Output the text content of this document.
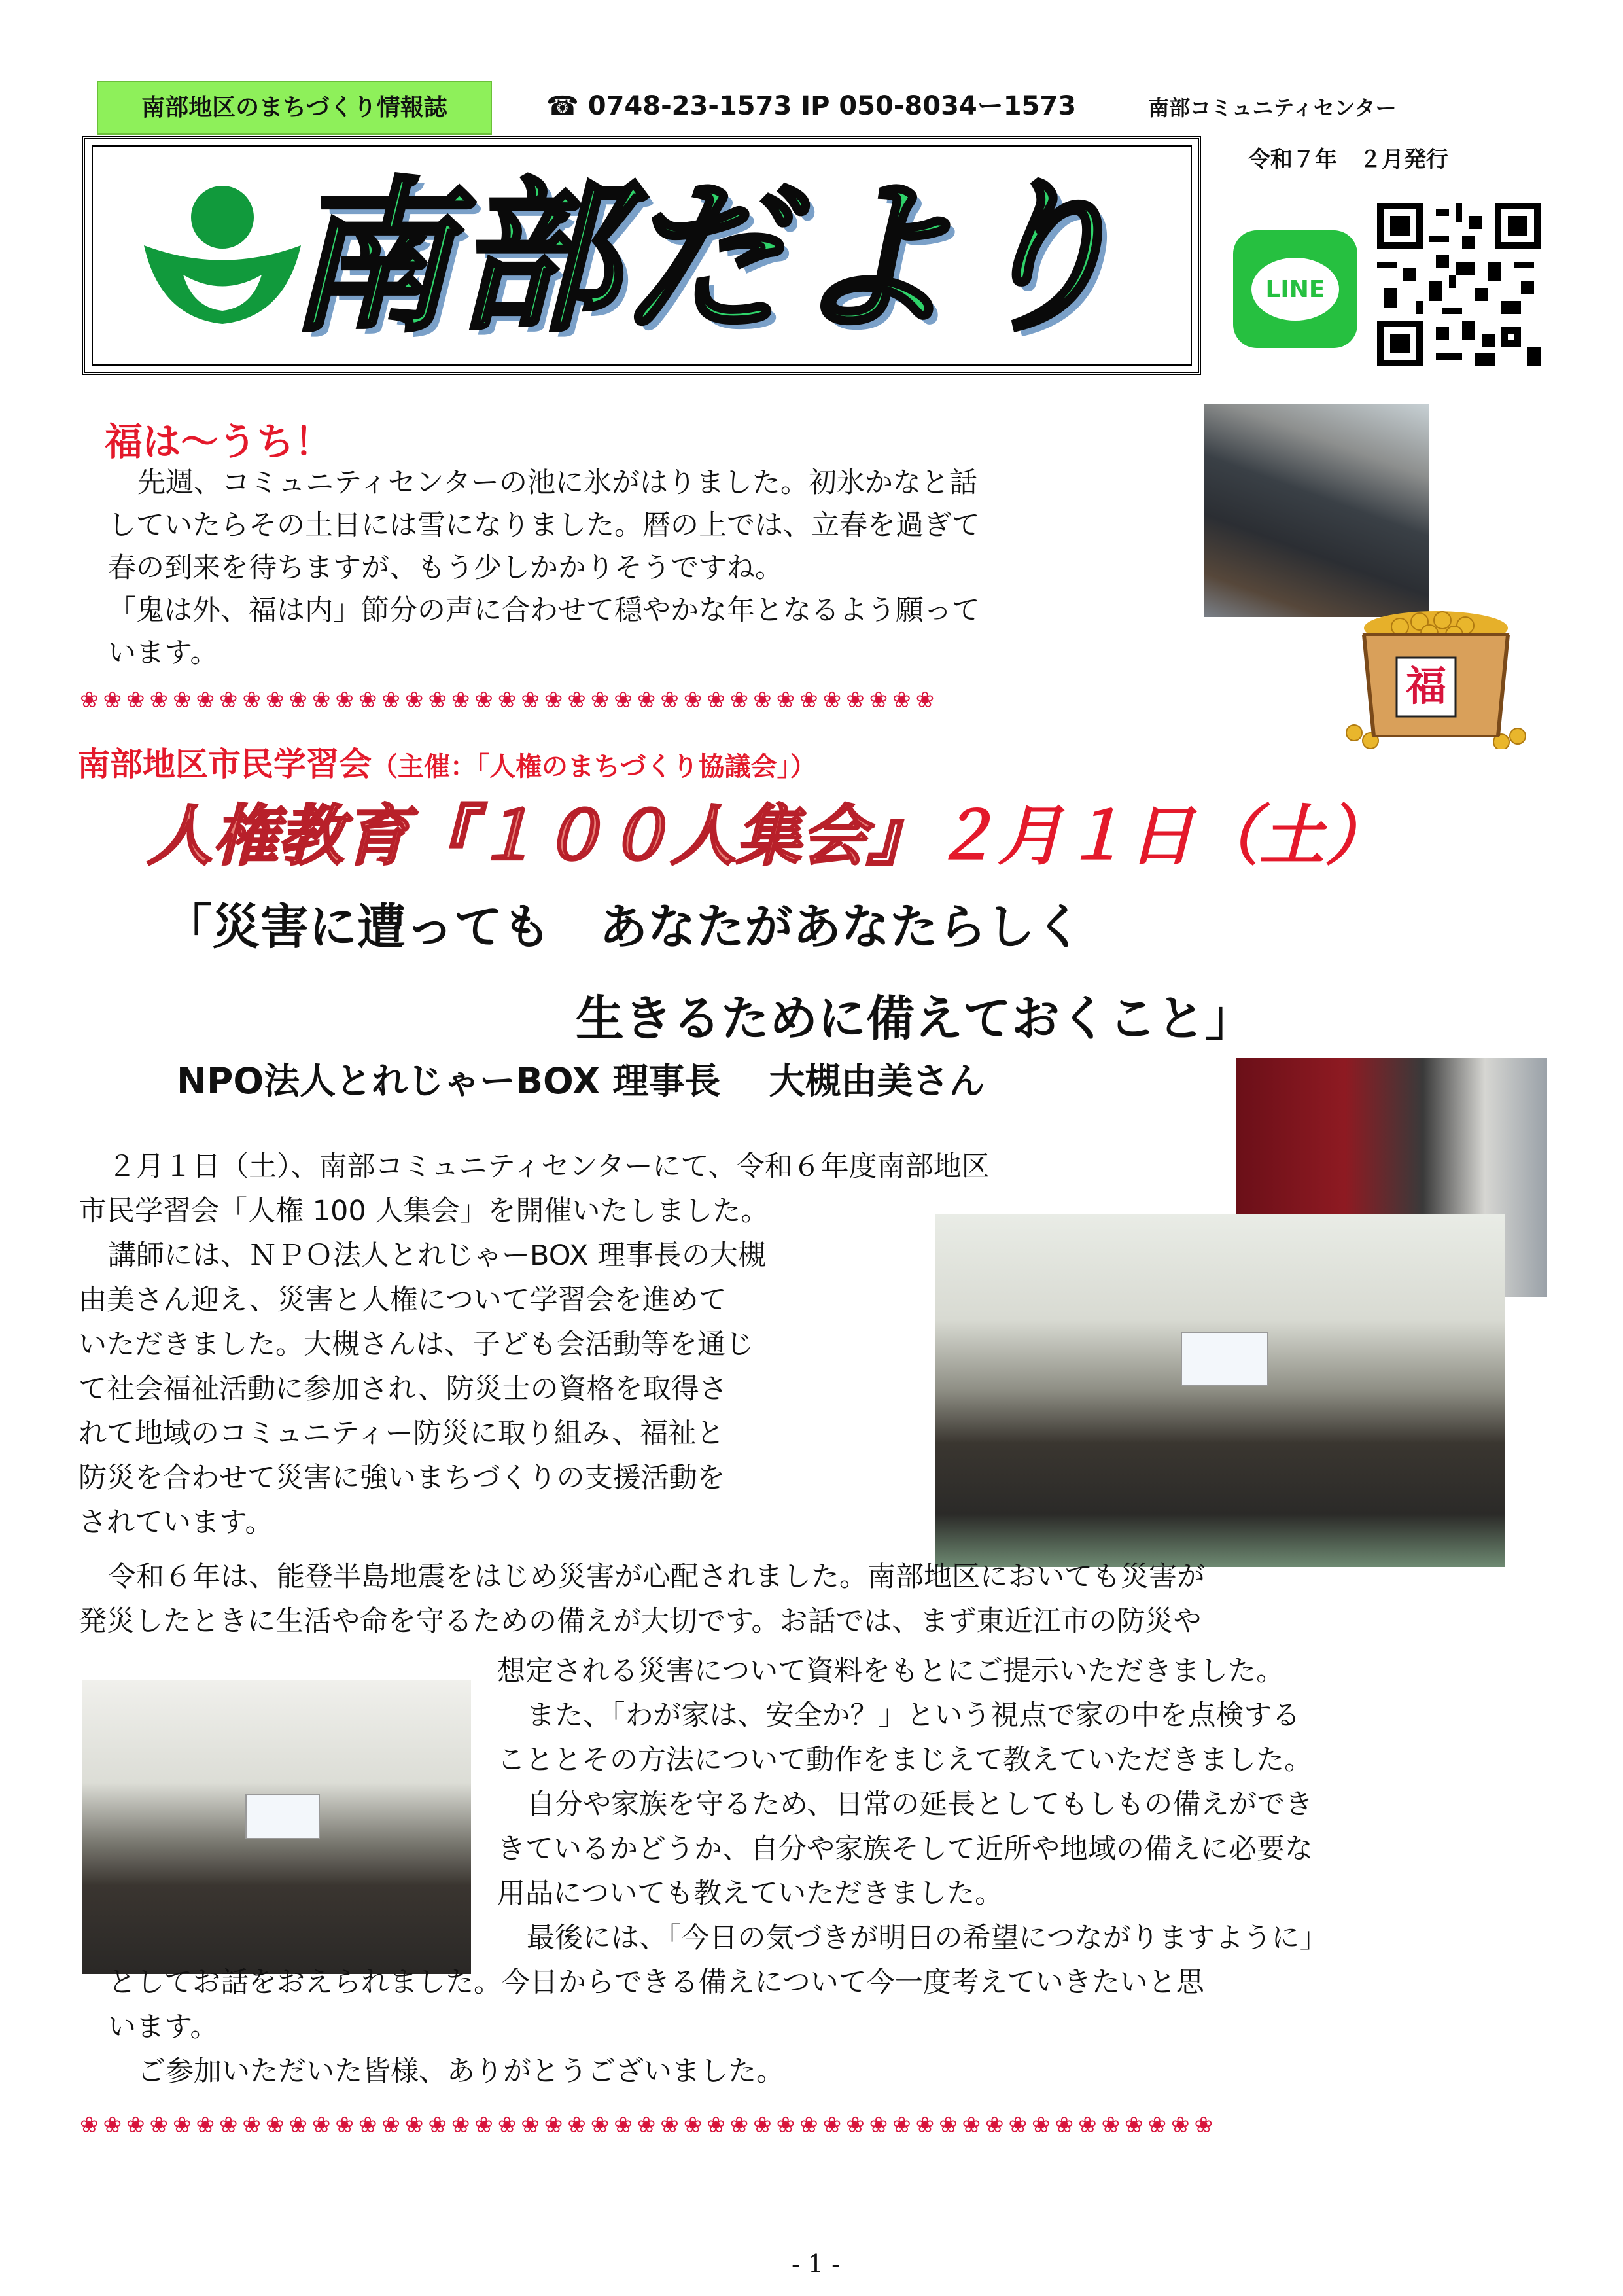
南部地区のまちづくり情報誌	☎ 0748-23-1573 IP 050-8034ー1573	南部コミュニティセンター
令和７年　２月発行
南部だより	LINE
福は～うち！
先週、コミュニティセンターの池に氷がはりました。初氷かなと話
していたらその土日には雪になりました。暦の上では、立春を過ぎて
春の到来を待ちますが、もう少しかかりそうですね。
「鬼は外、福は内」節分の声に合わせて穏やかな年となるよう願って
います。
福
❀❀❀❀❀❀❀❀❀❀❀❀❀❀❀❀❀❀❀❀❀❀❀❀❀❀❀❀❀❀❀❀❀❀❀❀❀
南部地区市民学習会（主催：「人権のまちづくり協議会」）
人権教育『１００人集会』２月１日（土）
「災害に遭っても　あなたがあなたらしく
生きるために備えておくこと」
NPO法人とれじゃーBOX 理事長　 大槻由美さん
２月１日（土）、南部コミュニティセンターにて、令和６年度南部地区
市民学習会「人権 100 人集会」を開催いたしました。
講師には、ＮＰＯ法人とれじゃーBOX 理事長の大槻
由美さん迎え、災害と人権について学習会を進めて
いただきました。大槻さんは、子ども会活動等を通じ
て社会福祉活動に参加され、防災士の資格を取得さ
れて地域のコミュニティー防災に取り組み、福祉と
防災を合わせて災害に強いまちづくりの支援活動を
されています。
令和６年は、能登半島地震をはじめ災害が心配されました。南部地区においても災害が
発災したときに生活や命を守るための備えが大切です。お話では、まず東近江市の防災や
想定される災害について資料をもとにご提示いただきました。
また、「わが家は、安全か？」という視点で家の中を点検する
こととその方法について動作をまじえて教えていただきました。
自分や家族を守るため、日常の延長としてもしもの備えができ
きているかどうか、自分や家族そして近所や地域の備えに必要な
用品についても教えていただきました。
最後には、「今日の気づきが明日の希望につながりますように」
としてお話をおえられました。今日からできる備えについて今一度考えていきたいと思
います。
ご参加いただいた皆様、ありがとうございました。
❀❀❀❀❀❀❀❀❀❀❀❀❀❀❀❀❀❀❀❀❀❀❀❀❀❀❀❀❀❀❀❀❀❀❀❀❀❀❀❀❀❀❀❀❀❀❀❀❀
- 1 -
